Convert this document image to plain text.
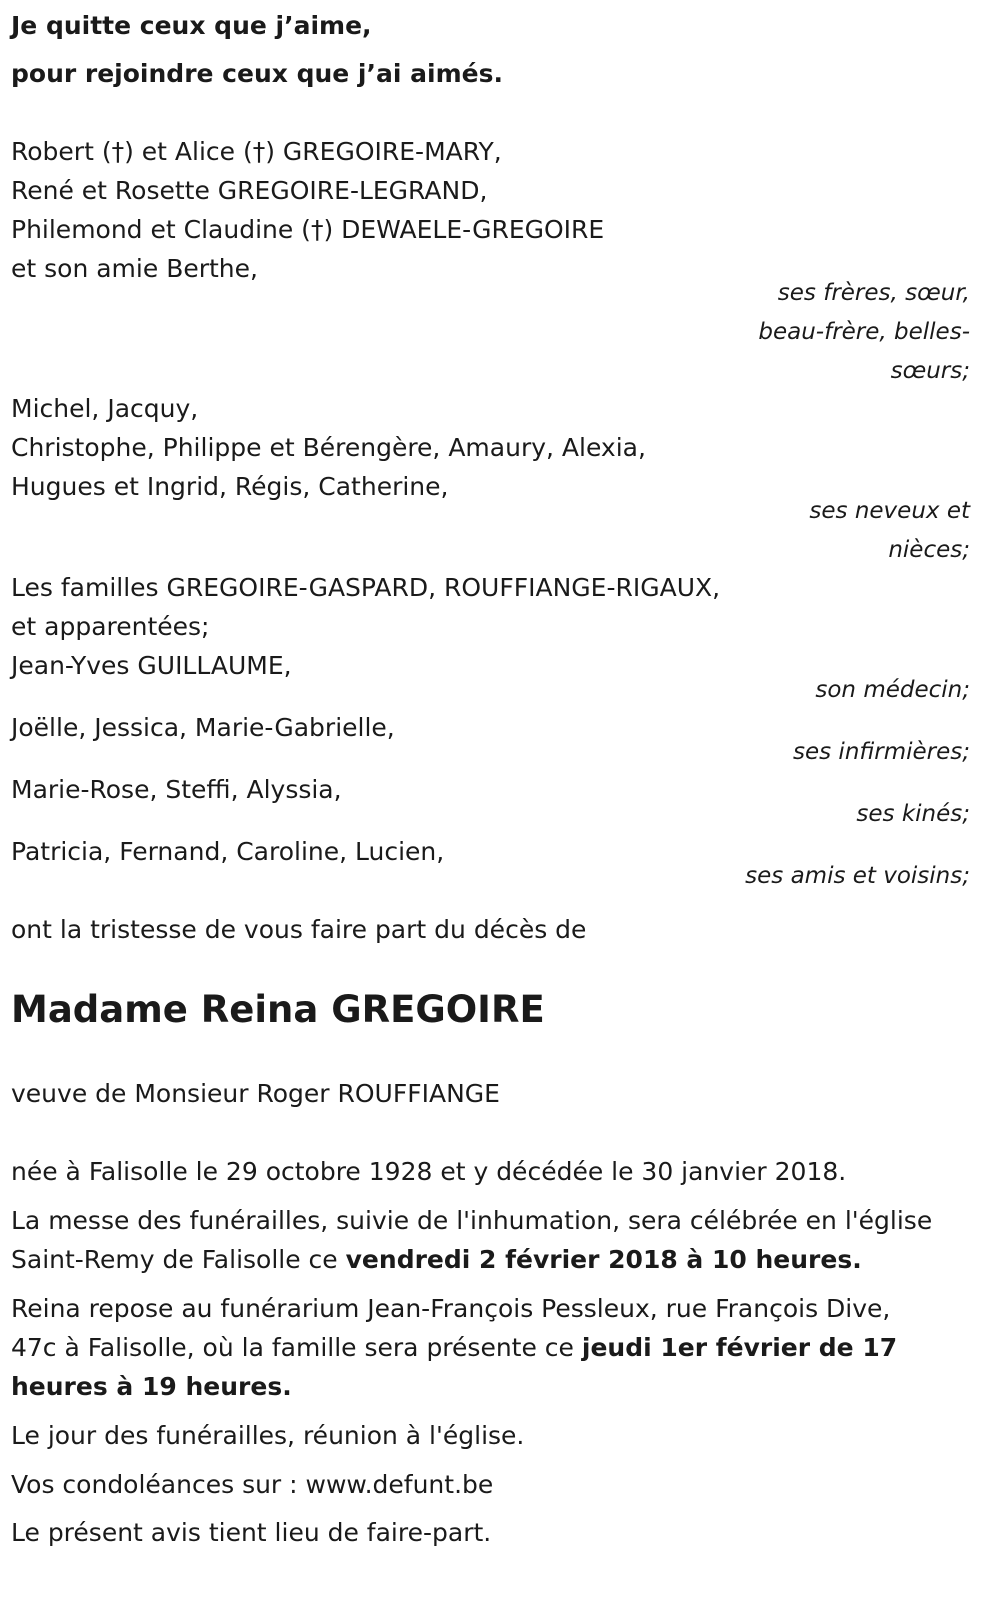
Je quitte ceux que j’aime,
pour rejoindre ceux que j’ai aimés.
Robert (†) et Alice (†) GREGOIRE-MARY,
René et Rosette GREGOIRE-LEGRAND,
Philemond et Claudine (†) DEWAELE-GREGOIRE
et son amie Berthe,
ses frères, sœur,
beau-frère, belles-
sœurs;
Michel, Jacquy,
Christophe, Philippe et Bérengère, Amaury, Alexia,
Hugues et Ingrid, Régis, Catherine,
ses neveux et
nièces;
Les familles GREGOIRE-GASPARD, ROUFFIANGE-RIGAUX,
et apparentées;
Jean-Yves GUILLAUME,
son médecin;
Joëlle, Jessica, Marie-Gabrielle,
ses infirmières;
Marie-Rose, Steffi, Alyssia,
ses kinés;
Patricia, Fernand, Caroline, Lucien,
ses amis et voisins;
ont la tristesse de vous faire part du décès de
Madame Reina GREGOIRE
veuve de Monsieur Roger ROUFFIANGE
née à Falisolle le 29 octobre 1928 et y décédée le 30 janvier 2018.
La messe des funérailles, suivie de l'inhumation, sera célébrée en l'église
Saint-Remy de Falisolle ce vendredi 2 février 2018 à 10 heures.
Reina repose au funérarium Jean-François Pessleux, rue François Dive,
47c à Falisolle, où la famille sera présente ce jeudi 1er février de 17
heures à 19 heures.
Le jour des funérailles, réunion à l'église.
Vos condoléances sur : www.defunt.be
Le présent avis tient lieu de faire-part.
